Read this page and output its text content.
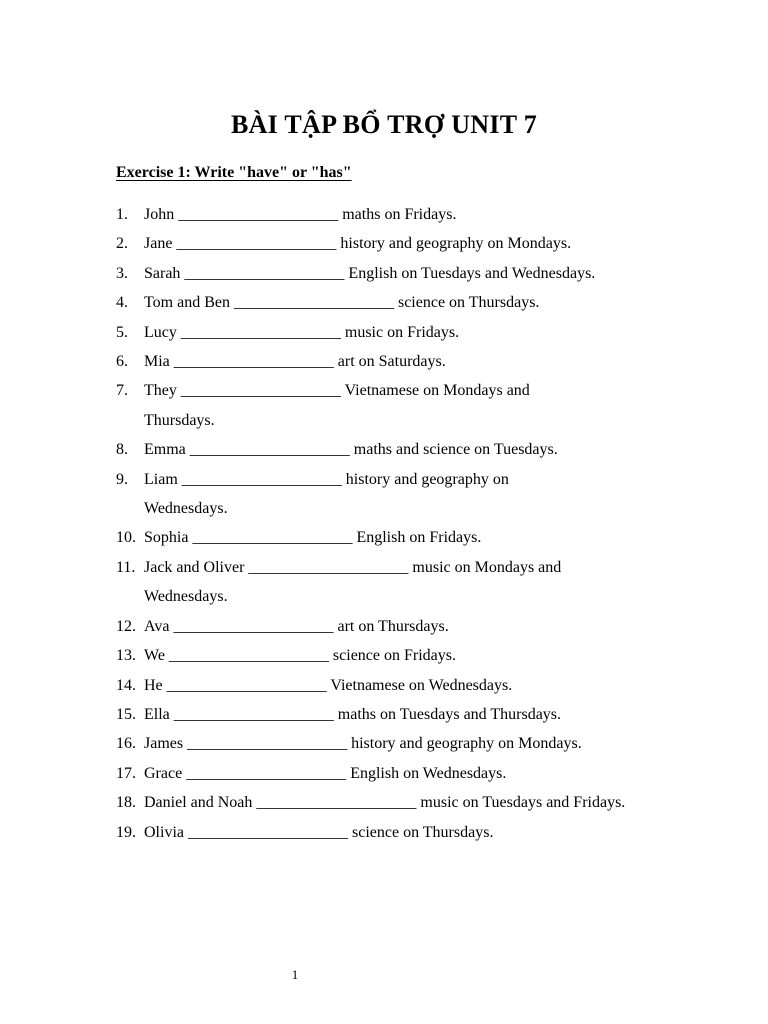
BÀI TẬP BỔ TRỢ UNIT 7
Exercise 1: Write "have" or "has"
1. John ____________________ maths on Fridays.
2. Jane ____________________ history and geography on Mondays.
3. Sarah ____________________ English on Tuesdays and Wednesdays.
4. Tom and Ben ____________________ science on Thursdays.
5. Lucy ____________________ music on Fridays.
6. Mia ____________________ art on Saturdays.
7. They ____________________ Vietnamese on Mondays and Thursdays.
8. Emma ____________________ maths and science on Tuesdays.
9. Liam ____________________ history and geography on Wednesdays.
10. Sophia ____________________ English on Fridays.
11. Jack and Oliver ____________________ music on Mondays and Wednesdays.
12. Ava ____________________ art on Thursdays.
13. We ____________________ science on Fridays.
14. He ____________________ Vietnamese on Wednesdays.
15. Ella ____________________ maths on Tuesdays and Thursdays.
16. James ____________________ history and geography on Mondays.
17. Grace ____________________ English on Wednesdays.
18. Daniel and Noah ____________________ music on Tuesdays and Fridays.
19. Olivia ____________________ science on Thursdays.
1
